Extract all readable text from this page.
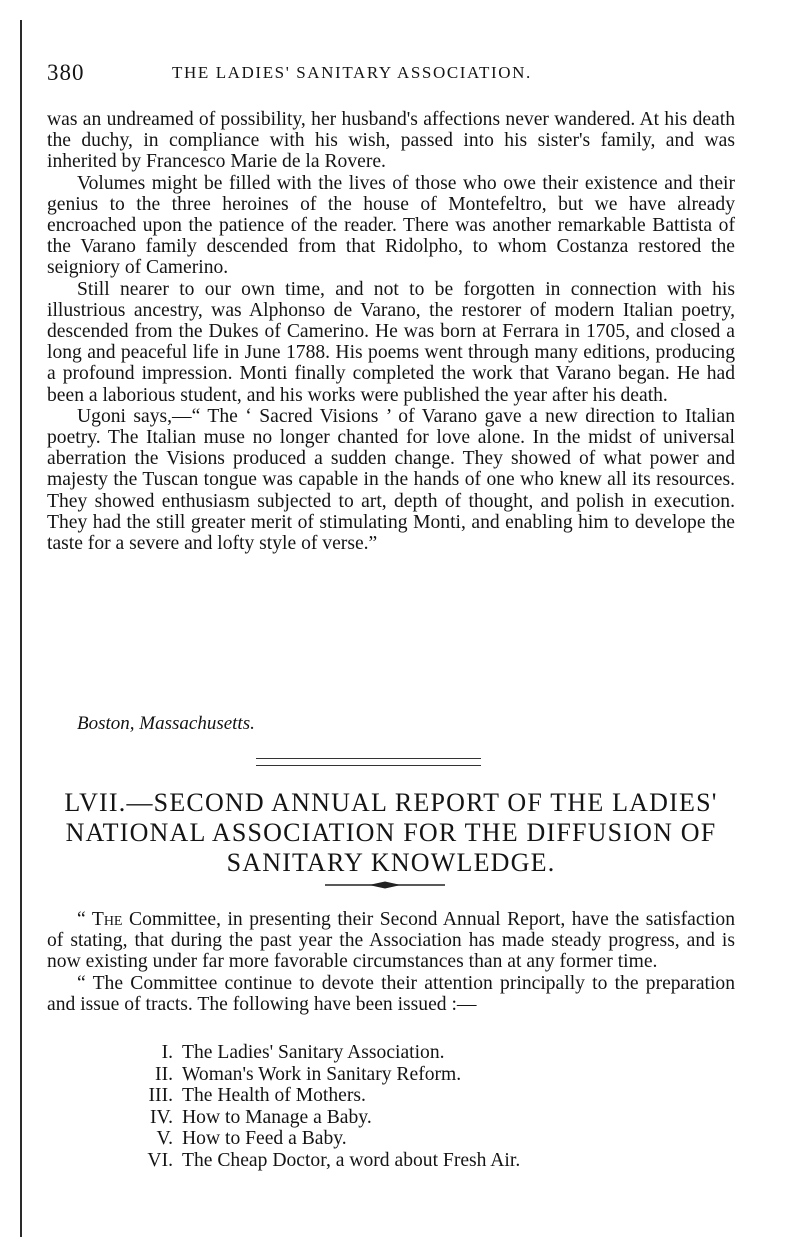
380	THE LADIES' SANITARY ASSOCIATION.

was an undreamed of possibility, her husband's affections never wandered. At his death the duchy, in compliance with his wish, passed into his sister's family, and was inherited by Francesco Marie de la Rovere.

Volumes might be filled with the lives of those who owe their existence and their genius to the three heroines of the house of Montefeltro, but we have already encroached upon the patience of the reader. There was another remarkable Battista of the Varano family descended from that Ridolpho, to whom Costanza restored the seigniory of Camerino.

Still nearer to our own time, and not to be forgotten in connection with his illustrious ancestry, was Alphonso de Varano, the restorer of modern Italian poetry, descended from the Dukes of Camerino. He was born at Ferrara in 1705, and closed a long and peaceful life in June 1788. His poems went through many editions, producing a profound impression. Monti finally completed the work that Varano began. He had been a laborious student, and his works were published the year after his death.

Ugoni says,—“ The ‘ Sacred Visions ’ of Varano gave a new direction to Italian poetry. The Italian muse no longer chanted for love alone. In the midst of universal aberration the Visions produced a sudden change. They showed of what power and majesty the Tuscan tongue was capable in the hands of one who knew all its resources. They showed enthusiasm subjected to art, depth of thought, and polish in execution. They had the still greater merit of stimulating Monti, and enabling him to develope the taste for a severe and lofty style of verse.”

Boston, Massachusetts.
LVII.—SECOND ANNUAL REPORT OF THE LADIES' NATIONAL ASSOCIATION FOR THE DIFFUSION OF SANITARY KNOWLEDGE.

“ The Committee, in presenting their Second Annual Report, have the satisfaction of stating, that during the past year the Association has made steady progress, and is now existing under far more favorable circumstances than at any former time.

“ The Committee continue to devote their attention principally to the preparation and issue of tracts. The following have been issued :—

I. The Ladies' Sanitary Association.
II. Woman's Work in Sanitary Reform.
III. The Health of Mothers.
IV. How to Manage a Baby.
V. How to Feed a Baby.
VI. The Cheap Doctor, a word about Fresh Air.
